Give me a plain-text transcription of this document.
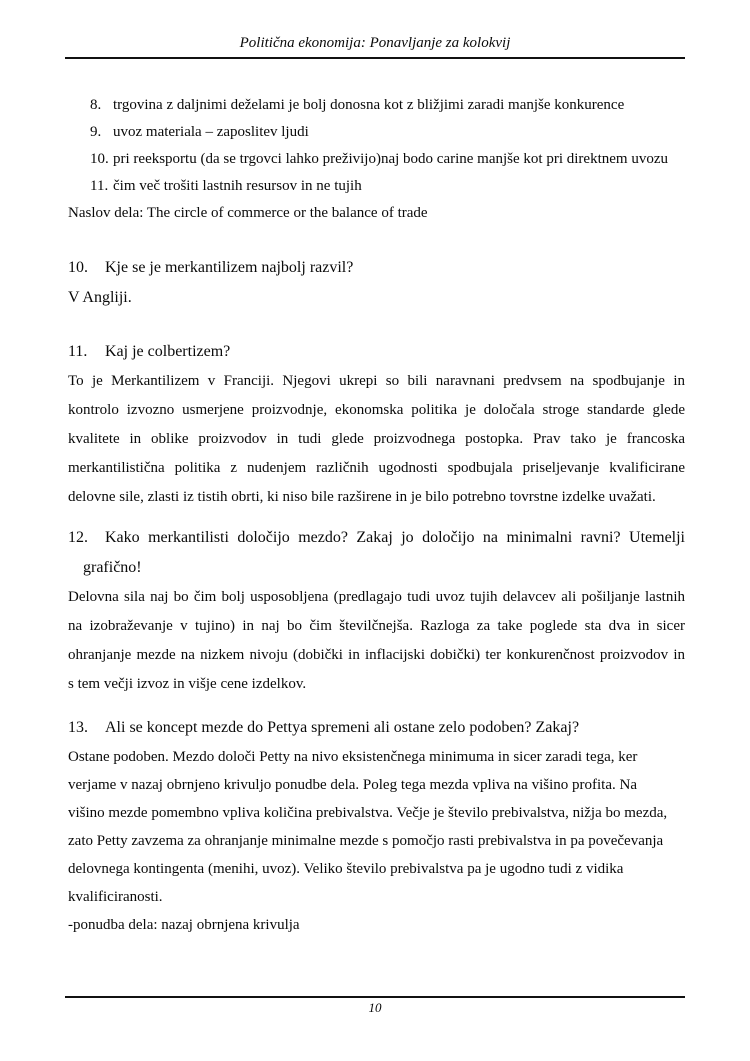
Politična ekonomija: Ponavljanje za kolokvij
8. trgovina z daljnimi deželami je bolj donosna kot z bližjimi zaradi manjše konkurence
9. uvoz materiala – zaposlitev ljudi
10. pri reeksportu (da se trgovci lahko preživijo)naj bodo carine manjše kot pri direktnem uvozu
11. čim več trošiti lastnih resursov in ne tujih
Naslov dela: The circle of commerce or the balance of trade
10.	Kje se je merkantilizem najbolj razvil?
V Angliji.
11.	Kaj je colbertizem?
To je Merkantilizem v Franciji. Njegovi ukrepi so bili naravnani predvsem na spodbujanje in
kontrolo izvozno usmerjene proizvodnje, ekonomska politika je določala stroge standarde glede
kvalitete in oblike proizvodov in tudi glede proizvodnega postopka. Prav tako je francoska
merkantilistična politika z nudenjem različnih ugodnosti spodbujala priseljevanje kvalificirane
delovne sile, zlasti iz tistih obrti, ki niso bile razširene in je bilo potrebno tovrstne izdelke uvažati.
12.	Kako merkantilisti določijo mezdo? Zakaj jo določijo na minimalni ravni? Utemelji
grafično!
Delovna sila naj bo čim bolj usposobljena (predlagajo tudi uvoz tujih delavcev ali pošiljanje lastnih
na izobraževanje v tujino) in naj bo čim številčnejša. Razloga za take poglede sta dva in sicer
ohranjanje mezde na nizkem nivoju (dobički in inflacijski dobički) ter konkurenčnost proizvodov in
s tem večji izvoz in višje cene izdelkov.
13.	Ali se koncept mezde do Pettya spremeni ali ostane zelo podoben? Zakaj?
Ostane podoben. Mezdo določi Petty na nivo eksistenčnega minimuma in sicer zaradi tega, ker
verjame v nazaj obrnjeno krivuljo ponudbe dela. Poleg tega mezda vpliva na višino profita. Na
višino mezde pomembno vpliva količina prebivalstva. Večje je število prebivalstva, nižja bo mezda,
zato Petty zavzema za ohranjanje minimalne mezde s pomočjo rasti prebivalstva in pa povečevanja
delovnega kontingenta (menihi, uvoz). Veliko število prebivalstva pa je ugodno tudi z vidika
kvalificiranosti.
-ponudba dela: nazaj obrnjena krivulja
10
